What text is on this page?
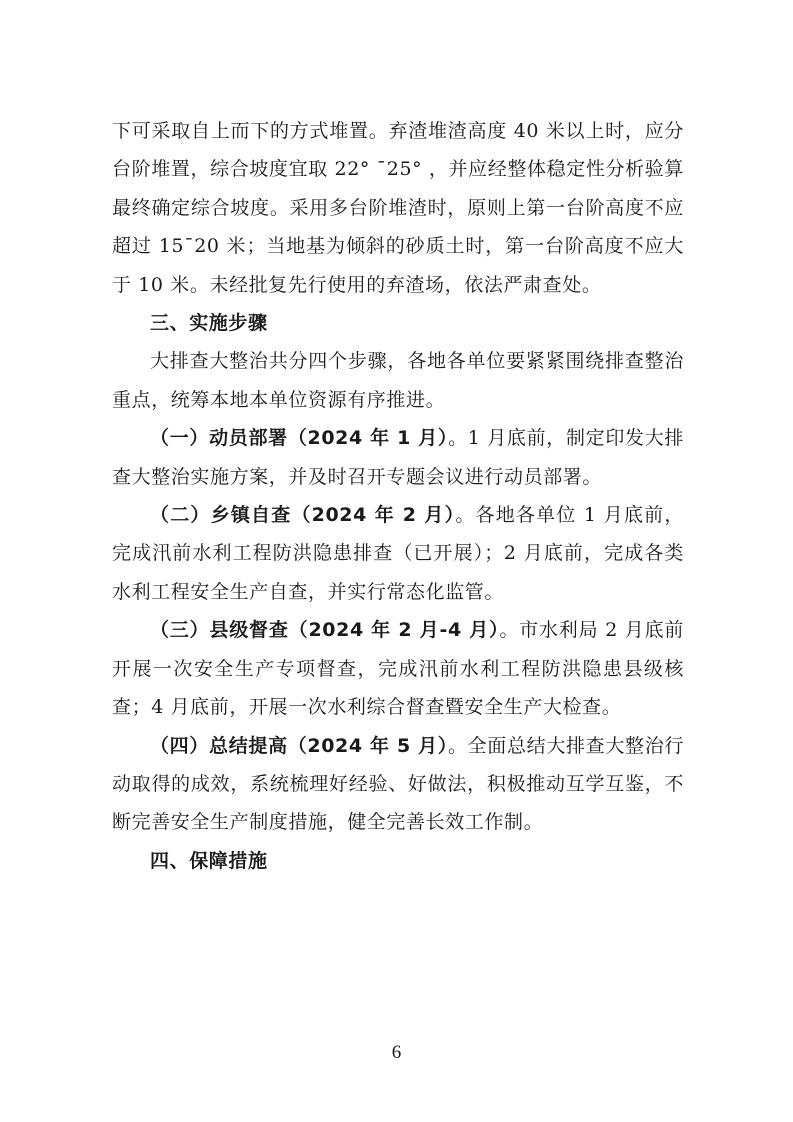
下可采取自上而下的方式堆置。弃渣堆渣高度 40 米以上时，应分台阶堆置，综合坡度宜取 22° ¯25° ，并应经整体稳定性分析验算最终确定综合坡度。采用多台阶堆渣时，原则上第一台阶高度不应超过 15¯20 米；当地基为倾斜的砂质土时，第一台阶高度不应大于 10 米。未经批复先行使用的弃渣场，依法严肃查处。

三、实施步骤

大排查大整治共分四个步骤，各地各单位要紧紧围绕排查整治重点，统筹本地本单位资源有序推进。

（一）动员部署（2024 年 1 月）。1 月底前，制定印发大排查大整治实施方案，并及时召开专题会议进行动员部署。

（二）乡镇自查（2024 年 2 月）。各地各单位 1 月底前，完成汛前水利工程防洪隐患排查（已开展）；2 月底前，完成各类水利工程安全生产自查，并实行常态化监管。

（三）县级督查（2024 年 2 月-4 月）。市水利局 2 月底前开展一次安全生产专项督查，完成汛前水利工程防洪隐患县级核查；4 月底前，开展一次水利综合督查暨安全生产大检查。

（四）总结提高（2024 年 5 月）。全面总结大排查大整治行动取得的成效，系统梳理好经验、好做法，积极推动互学互鉴，不断完善安全生产制度措施，健全完善长效工作制。

四、保障措施

6
